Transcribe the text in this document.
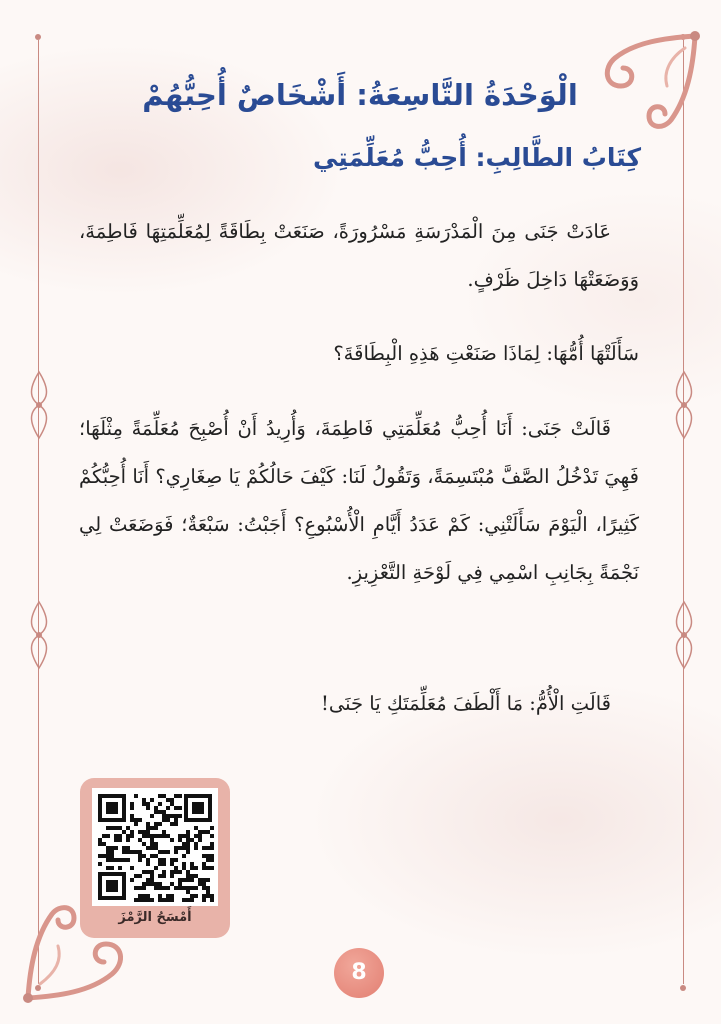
الْوَحْدَةُ التَّاسِعَةُ: أَشْخَاصٌ أُحِبُّهُمْ
كِتَابُ الطَّالِبِ: أُحِبُّ مُعَلِّمَتِي
عَادَتْ جَنَى مِنَ الْمَدْرَسَةِ مَسْرُورَةً، صَنَعَتْ بِطَاقَةً لِمُعَلِّمَتِهَا فَاطِمَةَ، وَوَضَعَتْهَا دَاخِلَ ظَرْفٍ.
سَأَلَتْهَا أُمُّهَا: لِمَاذَا صَنَعْتِ هَذِهِ الْبِطَاقَةَ؟
قَالَتْ جَنَى: أَنَا أُحِبُّ مُعَلِّمَتِي فَاطِمَةَ، وَأُرِيدُ أَنْ أُصْبِحَ مُعَلِّمَةً مِثْلَهَا؛ فَهِيَ تَدْخُلُ الصَّفَّ مُبْتَسِمَةً، وَتَقُولُ لَنَا: كَيْفَ حَالُكُمْ يَا صِغَارِي؟ أَنَا أُحِبُّكُمْ كَثِيرًا، الْيَوْمَ سَأَلَتْنِي: كَمْ عَدَدُ أَيَّامِ الْأُسْبُوعِ؟ أَجَبْتُ: سَبْعَةٌ؛ فَوَضَعَتْ لِي نَجْمَةً بِجَانِبِ اسْمِي فِي لَوْحَةِ التَّعْزِيزِ.
قَالَتِ الْأُمُّ: مَا أَلْطَفَ مُعَلِّمَتَكِ يَا جَنَى!
أَمْسَحُ الرَّمْزَ
8
